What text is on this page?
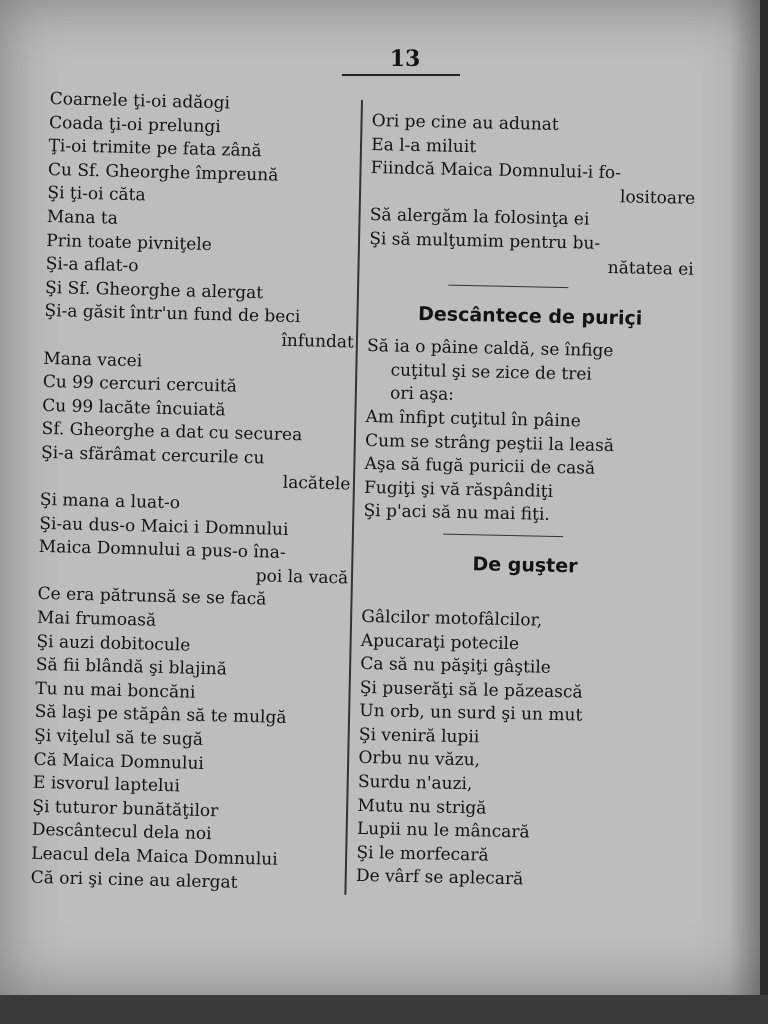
13
Coarnele ţi-oi adăogi
Coada ţi-oi prelungi
Ţi-oi trimite pe fata zână
Cu Sf. Gheorghe împreună
Şi ţi-oi căta
Mana ta
Prin toate pivniţele
Şi-a aflat-o
Şi Sf. Gheorghe a alergat
Şi-a găsit într'un fund de beci
înfundat
Mana vacei
Cu 99 cercuri cercuită
Cu 99 lacăte încuiată
Sf. Gheorghe a dat cu securea
Şi-a sfărâmat cercurile cu
lacătele
Şi mana a luat-o
Şi-au dus-o Maici i Domnului
Maica Domnului a pus-o îna-
poi la vacă
Ce era pătrunsă se se facă
Mai frumoasă
Şi auzi dobitocule
Să fii blândă şi blajină
Tu nu mai boncăni
Să laşi pe stăpân să te mulgă
Şi viţelul să te sugă
Că Maica Domnului
E isvorul laptelui
Şi tuturor bunătăţilor
Descântecul dela noi
Leacul dela Maica Domnului
Că ori şi cine au alergat
Ori pe cine au adunat
Ea l-a miluit
Fiindcă Maica Domnului-i fo-
lositoare
Să alergăm la folosinţa ei
Şi să mulţumim pentru bu-
nătatea ei
Descântece de puriçi
Să ia o pâine caldă, se înfige
cuţitul şi se zice de trei
ori aşa:
Am înfipt cuţitul în pâine
Cum se strâng peştii la leasă
Aşa să fugă puricii de casă
Fugiţi şi vă răspândiţi
Şi p'aci să nu mai fiţi.
De guşter
Gâlcilor motofâlcilor,
Apucaraţi potecile
Ca să nu păşiţi gâştile
Şi puserăţi să le păzească
Un orb, un surd şi un mut
Şi veniră lupii
Orbu nu văzu,
Surdu n'auzi,
Mutu nu strigă
Lupii nu le mâncară
Şi le morfecară
De vârf se aplecară
